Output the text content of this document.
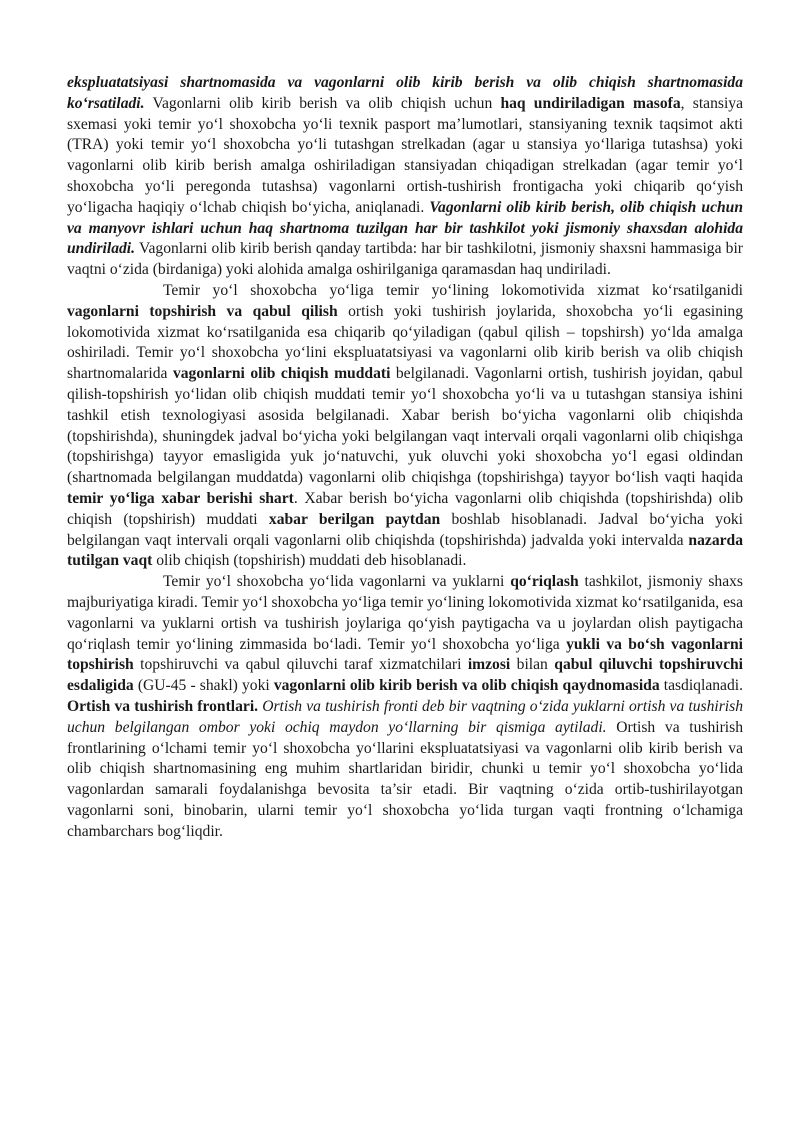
ekspluatatsiyasi shartnomasida va vagonlarni olib kirib berish va olib chiqish shartnomasida ko‘rsatiladi. Vagonlarni olib kirib berish va olib chiqish uchun haq undiriladigan masofa, stansiya sxemasi yoki temir yo‘l shoxobcha yo‘li texnik pasport ma’lumotlari, stansiyaning texnik taqsimot akti (TRA) yoki temir yo‘l shoxobcha yo‘li tutashgan strelkadan (agar u stansiya yo‘llariga tutashsa) yoki vagonlarni olib kirib berish amalga oshiriladigan stansiyadan chiqadigan strelkadan (agar temir yo‘l shoxobcha yo‘li peregonda tutashsa) vagonlarni ortish-tushirish frontigacha yoki chiqarib qo‘yish yo‘ligacha haqiqiy o‘lchab chiqish bo‘yicha, aniqlanadi. Vagonlarni olib kirib berish, olib chiqish uchun va manyovr ishlari uchun haq shartnoma tuzilgan har bir tashkilot yoki jismoniy shaxsdan alohida undiriladi. Vagonlarni olib kirib berish qanday tartibda: har bir tashkilotni, jismoniy shaxsni hammasiga bir vaqtni o‘zida (birdaniga) yoki alohida amalga oshirilganiga qaramasdan haq undiriladi.

Temir yo‘l shoxobcha yo‘liga temir yo‘lining lokomotivida xizmat ko‘rsatilganidi vagonlarni topshirish va qabul qilish ortish yoki tushirish joylarida, shoxobcha yo‘li egasining lokomotivida xizmat ko‘rsatilganida esa chiqarib qo‘yiladigan (qabul qilish – topshirsh) yo‘lda amalga oshiriladi. Temir yo‘l shoxobcha yo‘lini ekspluatatsiyasi va vagonlarni olib kirib berish va olib chiqish shartnomalarida vagonlarni olib chiqish muddati belgilanadi. Vagonlarni ortish, tushirish joyidan, qabul qilish-topshirish yo‘lidan olib chiqish muddati temir yo‘l shoxobcha yo‘li va u tutashgan stansiya ishini tashkil etish texnologiyasi asosida belgilanadi. Xabar berish bo‘yicha vagonlarni olib chiqishda (topshirishda), shuningdek jadval bo‘yicha yoki belgilangan vaqt intervali orqali vagonlarni olib chiqishga (topshirishga) tayyor emasligida yuk jo‘natuvchi, yuk oluvchi yoki shoxobcha yo‘l egasi oldindan (shartnomada belgilangan muddatda) vagonlarni olib chiqishga (topshirishga) tayyor bo‘lish vaqti haqida temir yo‘liga xabar berishi shart. Xabar berish bo‘yicha vagonlarni olib chiqishda (topshirishda) olib chiqish (topshirish) muddati xabar berilgan paytdan boshlab hisoblanadi. Jadval bo‘yicha yoki belgilangan vaqt intervali orqali vagonlarni olib chiqishda (topshirishda) jadvalda yoki intervalda nazarda tutilgan vaqt olib chiqish (topshirish) muddati deb hisoblanadi.

Temir yo‘l shoxobcha yo‘lida vagonlarni va yuklarni qo‘riqlash tashkilot, jismoniy shaxs majburiyatiga kiradi. Temir yo‘l shoxobcha yo‘liga temir yo‘lining lokomotivida xizmat ko‘rsatilganida, esa vagonlarni va yuklarni ortish va tushirish joylariga qo‘yish paytigacha va u joylardan olish paytigacha qo‘riqlash temir yo‘lining zimmasida bo‘ladi. Temir yo‘l shoxobcha yo‘liga yukli va bo‘sh vagonlarni topshirish topshiruvchi va qabul qiluvchi taraf xizmatchilari imzosi bilan qabul qiluvchi topshiruvchi esdaligida (GU-45 - shakl) yoki vagonlarni olib kirib berish va olib chiqish qaydnomasida tasdiqlanadi. Ortish va tushirish frontlari. Ortish va tushirish fronti deb bir vaqtning o‘zida yuklarni ortish va tushirish uchun belgilangan ombor yoki ochiq maydon yo‘llarning bir qismiga aytiladi. Ortish va tushirish frontlarining o‘lchami temir yo‘l shoxobcha yo‘llarini ekspluatatsiyasi va vagonlarni olib kirib berish va olib chiqish shartnomasining eng muhim shartlaridan biridir, chunki u temir yo‘l shoxobcha yo‘lida vagonlardan samarali foydalanishga bevosita ta’sir etadi. Bir vaqtning o‘zida ortib-tushirilayotgan vagonlarni soni, binobarin, ularni temir yo‘l shoxobcha yo‘lida turgan vaqti frontning o‘lchamiga chambarchars bog‘liqdir.
